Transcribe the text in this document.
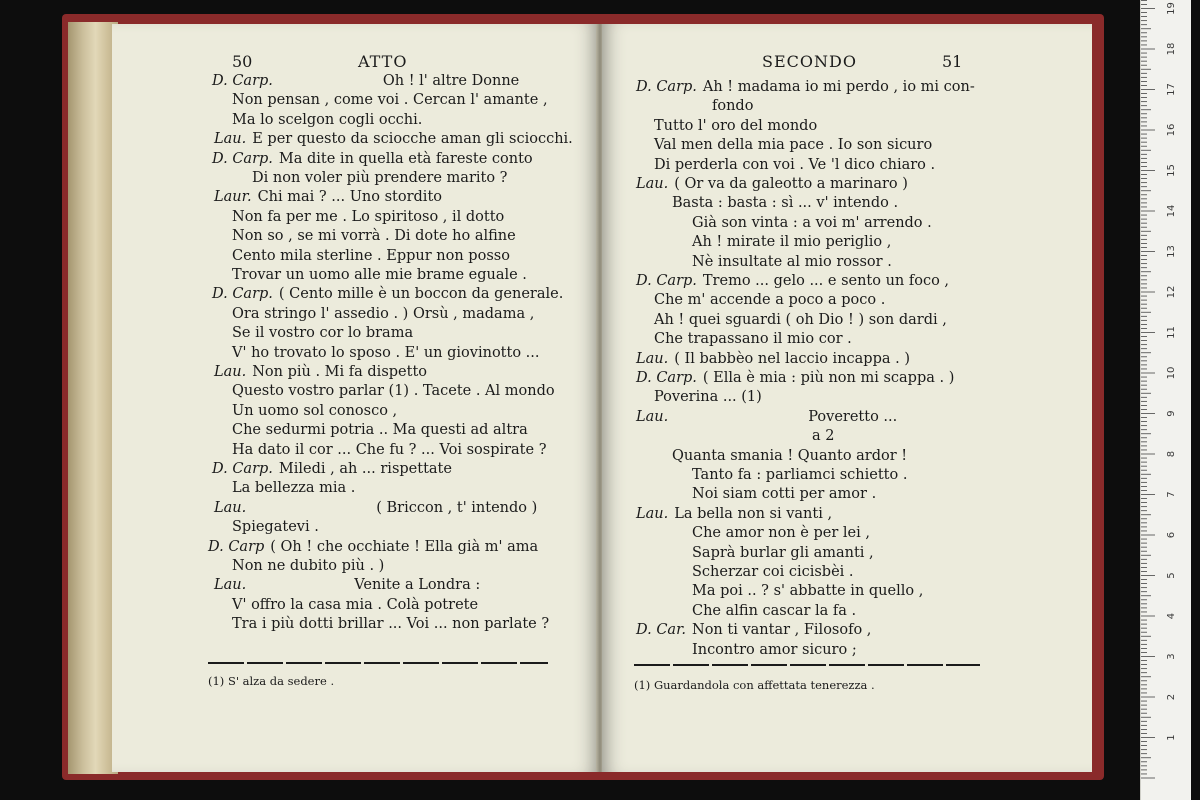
50	ATTO
D. Carp.	Oh ! l' altre Donne
Non pensan , come voi . Cercan l' amante ,
Ma lo scelgon cogli occhi.
Lau. E per questo da sciocche aman gli sciocchi.
D. Carp. Ma dite in quella età fareste conto
Di non voler più prendere marito ?
Laur. Chi mai ? ... Uno stordito
Non fa per me . Lo spiritoso , il dotto
Non so , se mi vorrà . Di dote ho alfine
Cento mila sterline . Eppur non posso
Trovar un uomo alle mie brame eguale .
D. Carp. ( Cento mille è un boccon da generale.
Ora stringo l' assedio . ) Orsù , madama ,
Se il vostro cor lo brama
V' ho trovato lo sposo . E' un giovinotto ...
Lau. Non più . Mi fa dispetto
Questo vostro parlar (1) . Tacete . Al mondo
Un uomo sol conosco ,
Che sedurmi potria .. Ma questi ad altra
Ha dato il cor ... Che fu ? ... Voi sospirate ?
D. Carp. Miledi , ah ... rispettate
La bellezza mia .
Lau.	( Briccon , t' intendo )
Spiegatevi .
D. Carp ( Oh ! che occhiate ! Ella già m' ama
Non ne dubito più . )
Lau.	Venite a Londra :
V' offro la casa mia . Colà potrete
Tra i più dotti brillar ... Voi ... non parlate ?
(1) S' alza da sedere .
SECONDO	51
D. Carp. Ah ! madama io mi perdo , io mi con-
fondo
Tutto l' oro del mondo
Val men della mia pace . Io son sicuro
Di perderla con voi . Ve 'l dico chiaro .
Lau. ( Or va da galeotto a marinaro )
Basta : basta : sì ... v' intendo .
Già son vinta : a voi m' arrendo .
Ah ! mirate il mio periglio ,
Nè insultate al mio rossor .
D. Carp. Tremo ... gelo ... e sento un foco ,
Che m' accende a poco a poco .
Ah ! quei sguardi ( oh Dio ! ) son dardi ,
Che trapassano il mio cor .
Lau. ( Il babbèo nel laccio incappa . )
D. Carp. ( Ella è mia : più non mi scappa . )
Poverina ... (1)
Lau.	Poveretto ...
a 2
Quanta smania ! Quanto ardor !
Tanto fa : parliamci schietto .
Noi siam cotti per amor .
Lau. La bella non si vanti ,
Che amor non è per lei ,
Saprà burlar gli amanti ,
Scherzar coi cicisbèi .
Ma poi .. ? s' abbatte in quello ,
Che alfin cascar la fa .
D. Car. Non ti vantar , Filosofo ,
Incontro amor sicuro ;
(1) Guardandola con affettata tenerezza .
1
2
3
4
5
6
7
8
9
10
11
12
13
14
15
16
17
18
19
